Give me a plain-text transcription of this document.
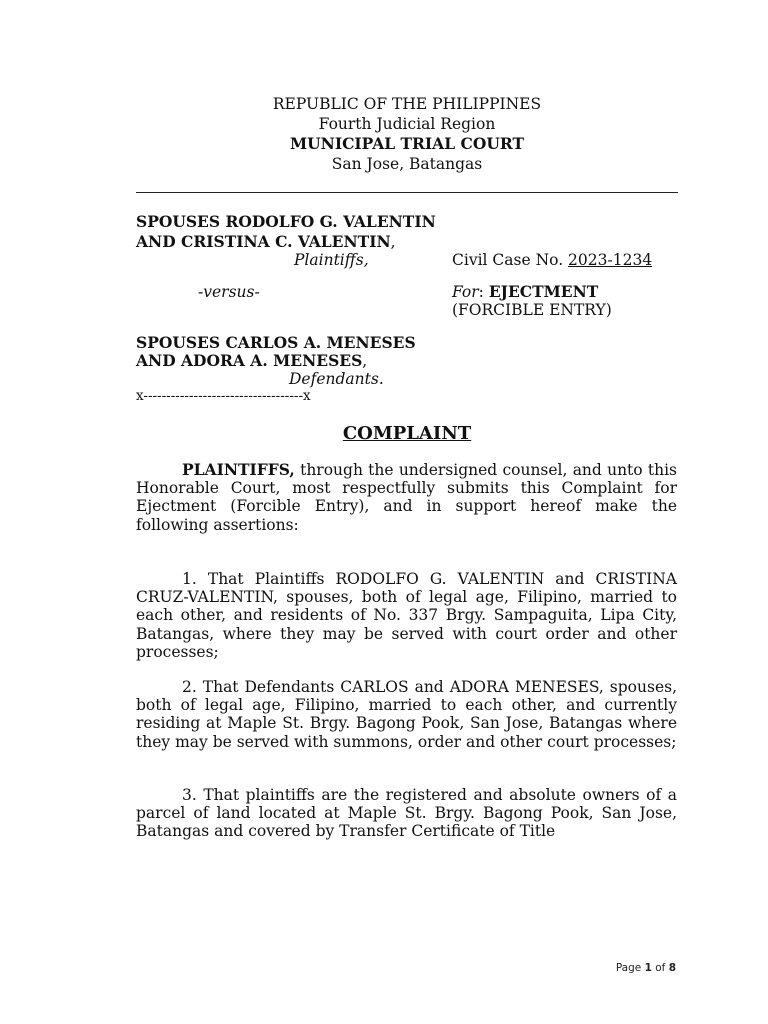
REPUBLIC OF THE PHILIPPINES
Fourth Judicial Region
MUNICIPAL TRIAL COURT
San Jose, Batangas
SPOUSES RODOLFO G. VALENTIN
AND CRISTINA C. VALENTIN,
Plaintiffs,	Civil Case No. 2023-1234
-versus-	For: EJECTMENT
(FORCIBLE ENTRY)
SPOUSES CARLOS A. MENESES
AND ADORA A. MENESES,
Defendants.
x-----------------------------------x
COMPLAINT
PLAINTIFFS, through the undersigned counsel, and unto this Honorable Court, most respectfully submits this Complaint for Ejectment (Forcible Entry), and in support hereof make the following assertions:
1. That Plaintiffs RODOLFO G. VALENTIN and CRISTINA CRUZ-VALENTIN, spouses, both of legal age, Filipino, married to each other, and residents of No. 337 Brgy. Sampaguita, Lipa City, Batangas, where they may be served with court order and other processes;
2. That Defendants CARLOS and ADORA MENESES, spouses, both of legal age, Filipino, married to each other, and currently residing at Maple St. Brgy. Bagong Pook, San Jose, Batangas where they may be served with summons, order and other court processes;
3. That plaintiffs are the registered and absolute owners of a parcel of land located at Maple St. Brgy. Bagong Pook, San Jose, Batangas and covered by Transfer Certificate of Title
Page 1 of 8
